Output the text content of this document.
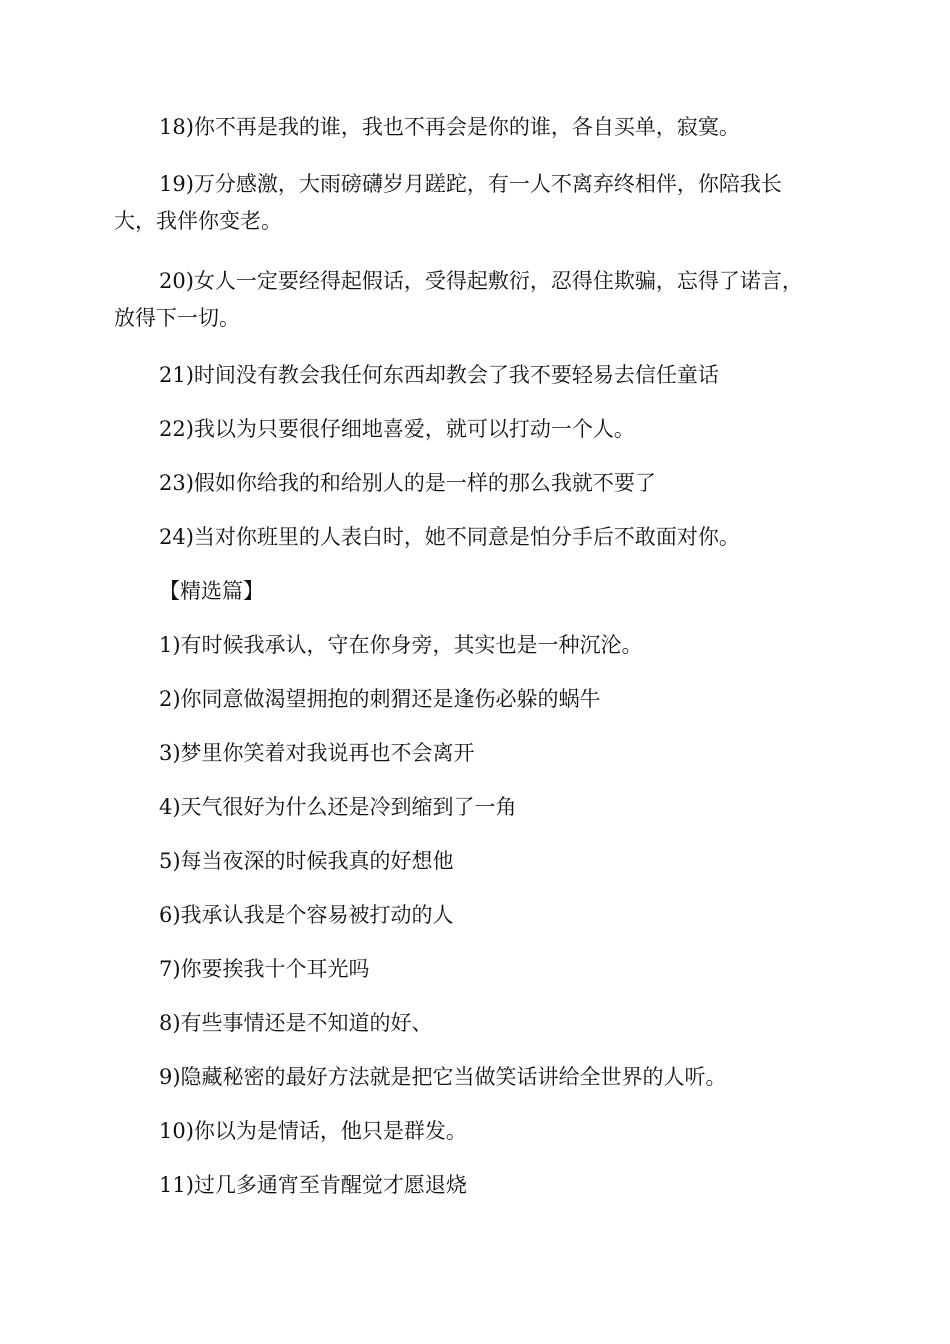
18)你不再是我的谁，我也不再会是你的谁，各自买单，寂寞。

19)万分感激，大雨磅礴岁月蹉跎，有一人不离弃终相伴，你陪我长大，我伴你变老。

20)女人一定要经得起假话，受得起敷衍，忍得住欺骗，忘得了诺言，放得下一切。

21)时间没有教会我任何东西却教会了我不要轻易去信任童话

22)我以为只要很仔细地喜爱，就可以打动一个人。

23)假如你给我的和给别人的是一样的那么我就不要了

24)当对你班里的人表白时，她不同意是怕分手后不敢面对你。

【精选篇】

1)有时候我承认，守在你身旁，其实也是一种沉沦。

2)你同意做渴望拥抱的刺猬还是逢伤必躲的蜗牛

3)梦里你笑着对我说再也不会离开

4)天气很好为什么还是冷到缩到了一角

5)每当夜深的时候我真的好想他

6)我承认我是个容易被打动的人

7)你要挨我十个耳光吗

8)有些事情还是不知道的好、

9)隐藏秘密的最好方法就是把它当做笑话讲给全世界的人听。

10)你以为是情话，他只是群发。

11)过几多通宵至肯醒觉才愿退烧
